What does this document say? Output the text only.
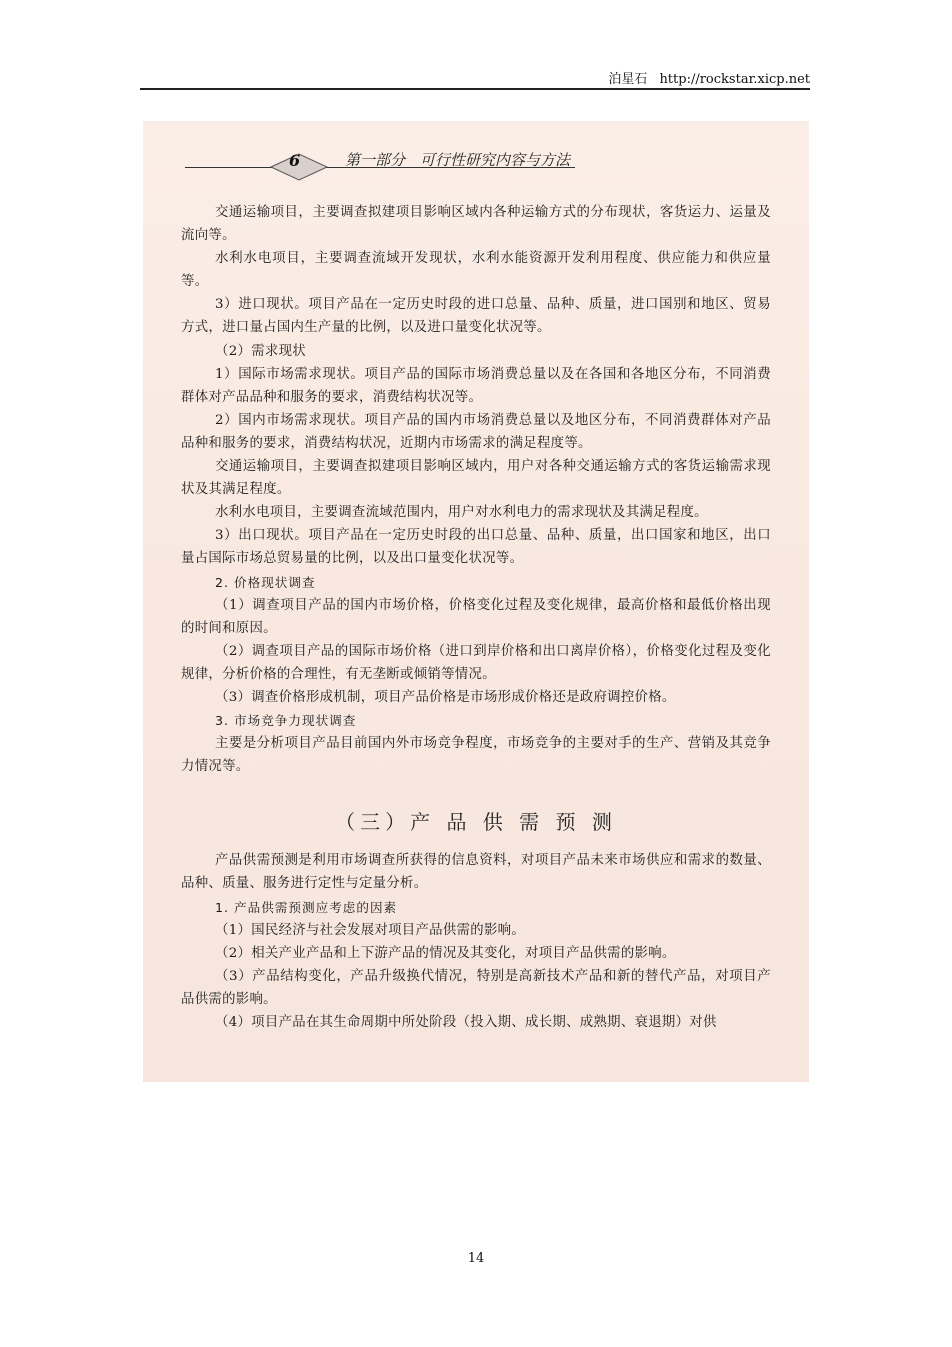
泊星石 http://rockstar.xicp.net
6	第一部分　可行性研究内容与方法

交通运输项目，主要调查拟建项目影响区域内各种运输方式的分布现状，客货运力、运量及流向等。

水利水电项目，主要调查流域开发现状，水利水能资源开发利用程度、供应能力和供应量等。

3）进口现状。项目产品在一定历史时段的进口总量、品种、质量，进口国别和地区、贸易方式，进口量占国内生产量的比例，以及进口量变化状况等。

（2）需求现状

1）国际市场需求现状。项目产品的国际市场消费总量以及在各国和各地区分布，不同消费群体对产品品种和服务的要求，消费结构状况等。

2）国内市场需求现状。项目产品的国内市场消费总量以及地区分布，不同消费群体对产品品种和服务的要求，消费结构状况，近期内市场需求的满足程度等。

交通运输项目，主要调查拟建项目影响区域内，用户对各种交通运输方式的客货运输需求现状及其满足程度。

水利水电项目，主要调查流域范围内，用户对水利电力的需求现状及其满足程度。

3）出口现状。项目产品在一定历史时段的出口总量、品种、质量，出口国家和地区，出口量占国际市场总贸易量的比例，以及出口量变化状况等。

2. 价格现状调查

（1）调查项目产品的国内市场价格，价格变化过程及变化规律，最高价格和最低价格出现的时间和原因。

（2）调查项目产品的国际市场价格（进口到岸价格和出口离岸价格），价格变化过程及变化规律，分析价格的合理性，有无垄断或倾销等情况。

（3）调查价格形成机制，项目产品价格是市场形成价格还是政府调控价格。

3. 市场竞争力现状调查

主要是分析项目产品目前国内外市场竞争程度，市场竞争的主要对手的生产、营销及其竞争力情况等。

（三）产 品 供 需 预 测

产品供需预测是利用市场调查所获得的信息资料，对项目产品未来市场供应和需求的数量、品种、质量、服务进行定性与定量分析。

1. 产品供需预测应考虑的因素

（1）国民经济与社会发展对项目产品供需的影响。

（2）相关产业产品和上下游产品的情况及其变化，对项目产品供需的影响。

（3）产品结构变化，产品升级换代情况，特别是高新技术产品和新的替代产品，对项目产品供需的影响。

（4）项目产品在其生命周期中所处阶段（投入期、成长期、成熟期、衰退期）对供

14
